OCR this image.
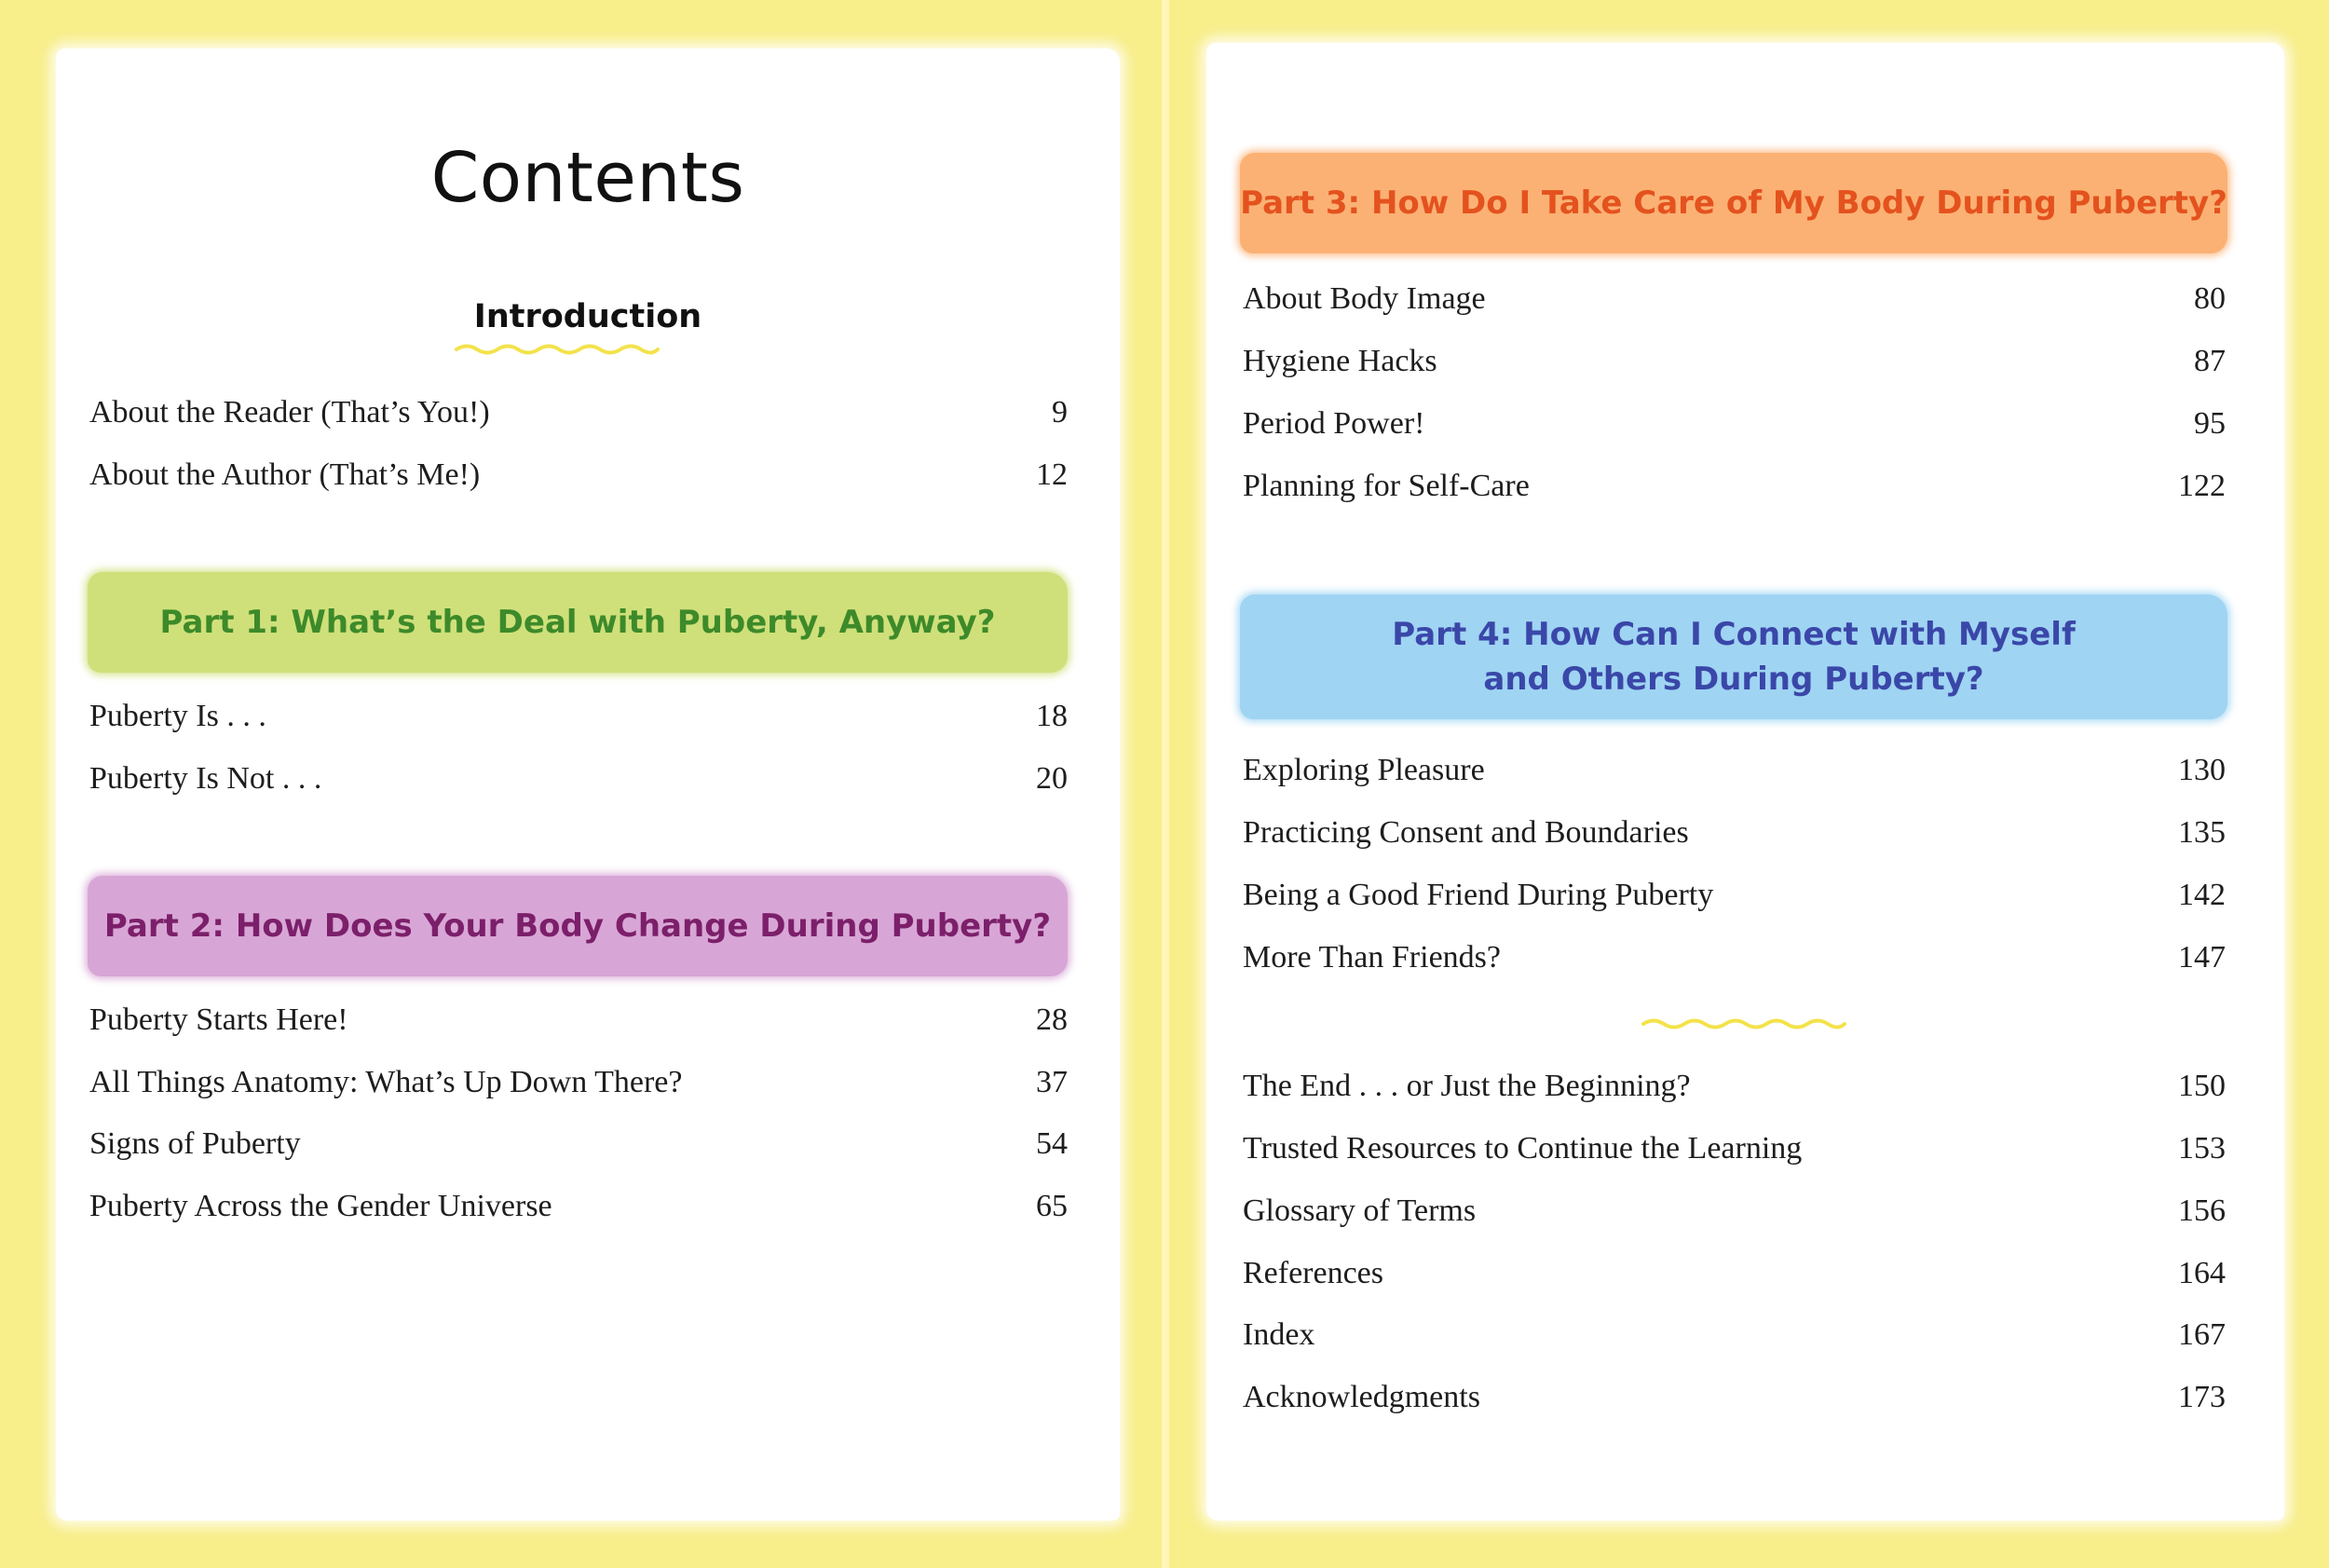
Contents
Introduction
About the Reader (That’s You!)	9
About the Author (That’s Me!)	12
Part 1: What’s the Deal with Puberty, Anyway?
Puberty Is . . .	18
Puberty Is Not . . .	20
Part 2: How Does Your Body Change During Puberty?
Puberty Starts Here!	28
All Things Anatomy: What’s Up Down There?	37
Signs of Puberty	54
Puberty Across the Gender Universe	65
Part 3: How Do I Take Care of My Body During Puberty?
About Body Image	80
Hygiene Hacks	87
Period Power!	95
Planning for Self-Care	122
Part 4: How Can I Connect with Myself
and Others During Puberty?
Exploring Pleasure	130
Practicing Consent and Boundaries	135
Being a Good Friend During Puberty	142
More Than Friends?	147
The End . . . or Just the Beginning?	150
Trusted Resources to Continue the Learning	153
Glossary of Terms	156
References	164
Index	167
Acknowledgments	173
